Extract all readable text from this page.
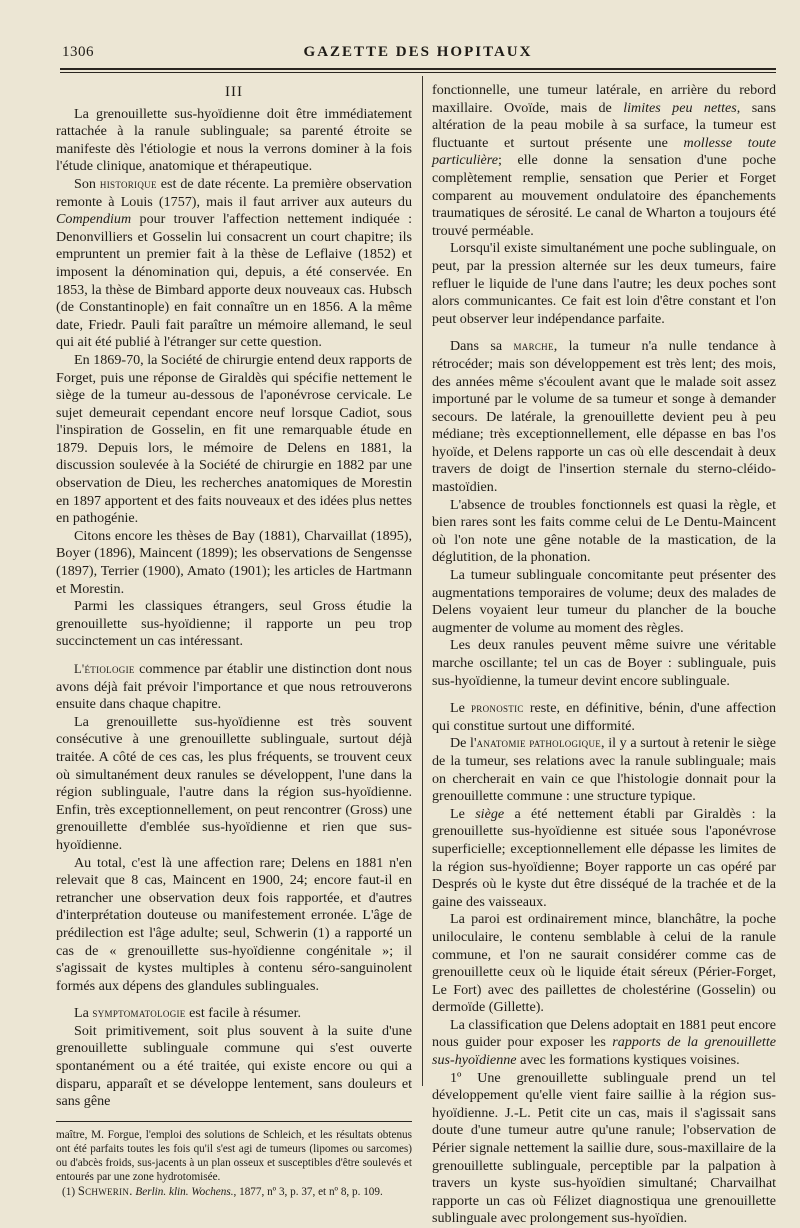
1306	GAZETTE DES HOPITAUX
III

La grenouillette sus-hyoïdienne doit être immédiatement rattachée à la ranule sublinguale; sa parenté étroite se manifeste dès l'étiologie et nous la verrons dominer à la fois l'étude clinique, anatomique et thérapeutique.

Son historique est de date récente. La première observation remonte à Louis (1757), mais il faut arriver aux auteurs du Compendium pour trouver l'affection nettement indiquée : Denonvilliers et Gosselin lui consacrent un court chapitre; ils empruntent un premier fait à la thèse de Leflaive (1852) et imposent la dénomination qui, depuis, a été conservée. En 1853, la thèse de Bimbard apporte deux nouveaux cas. Hubsch (de Constantinople) en fait connaître un en 1856. A la même date, Friedr. Pauli fait paraître un mémoire allemand, le seul qui ait été publié à l'étranger sur cette question.

En 1869-70, la Société de chirurgie entend deux rapports de Forget, puis une réponse de Giraldès qui spécifie nettement le siège de la tumeur au-dessous de l'aponévrose cervicale. Le sujet demeurait cependant encore neuf lorsque Cadiot, sous l'inspiration de Gosselin, en fit une remarquable étude en 1879. Depuis lors, le mémoire de Delens en 1881, la discussion soulevée à la Société de chirurgie en 1882 par une observation de Dieu, les recherches anatomiques de Morestin en 1897 apportent et des faits nouveaux et des idées plus nettes en pathogénie.

Citons encore les thèses de Bay (1881), Charvaillat (1895), Boyer (1896), Maincent (1899); les observations de Sengensse (1897), Terrier (1900), Amato (1901); les articles de Hartmann et Morestin.

Parmi les classiques étrangers, seul Gross étudie la grenouillette sus-hyoïdienne; il rapporte un peu trop succinctement un cas intéressant.

L'étiologie commence par établir une distinction dont nous avons déjà fait prévoir l'importance et que nous retrouverons ensuite dans chaque chapitre.

La grenouillette sus-hyoïdienne est très souvent consécutive à une grenouillette sublinguale, surtout déjà traitée. A côté de ces cas, les plus fréquents, se trouvent ceux où simultanément deux ranules se développent, l'une dans la région sublinguale, l'autre dans la région sus-hyoïdienne. Enfin, très exceptionnellement, on peut rencontrer (Gross) une grenouillette d'emblée sus-hyoïdienne et rien que sus-hyoïdienne.

Au total, c'est là une affection rare; Delens en 1881 n'en relevait que 8 cas, Maincent en 1900, 24; encore faut-il en retrancher une observation deux fois rapportée, et d'autres d'interprétation douteuse ou manifestement erronée. L'âge de prédilection est l'âge adulte; seul, Schwerin (1) a rapporté un cas de « grenouillette sus-hyoïdienne congénitale »; il s'agissait de kystes multiples à contenu séro-sanguinolent formés aux dépens des glandules sublinguales.

La symptomatologie est facile à résumer.

Soit primitivement, soit plus souvent à la suite d'une grenouillette sublinguale commune qui s'est ouverte spontanément ou a été traitée, qui existe encore ou qui a disparu, apparaît et se développe lentement, sans douleurs et sans gêne

maître, M. Forgue, l'emploi des solutions de Schleich, et les résultats obtenus ont été parfaits toutes les fois qu'il s'est agi de tumeurs (lipomes ou sarcomes) ou d'abcès froids, sus-jacents à un plan osseux et susceptibles d'être soulevés et entourés par une zone hydrotomisée.

(1) Schwerin. Berlin. klin. Wochens., 1877, nº 3, p. 37, et nº 8, p. 109.

fonctionnelle, une tumeur latérale, en arrière du rebord maxillaire. Ovoïde, mais de limites peu nettes, sans altération de la peau mobile à sa surface, la tumeur est fluctuante et surtout présente une mollesse toute particulière; elle donne la sensation d'une poche complètement remplie, sensation que Perier et Forget comparent au mouvement ondulatoire des épanchements traumatiques de sérosité. Le canal de Wharton a toujours été trouvé perméable.

Lorsqu'il existe simultanément une poche sublinguale, on peut, par la pression alternée sur les deux tumeurs, faire refluer le liquide de l'une dans l'autre; les deux poches sont alors communicantes. Ce fait est loin d'être constant et l'on peut observer leur indépendance parfaite.

Dans sa marche, la tumeur n'a nulle tendance à rétrocéder; mais son développement est très lent; des mois, des années même s'écoulent avant que le malade soit assez importuné par le volume de sa tumeur et songe à demander secours. De latérale, la grenouillette devient peu à peu médiane; très exceptionnellement, elle dépasse en bas l'os hyoïde, et Delens rapporte un cas où elle descendait à deux travers de doigt de l'insertion sternale du sterno-cléido-mastoïdien.

L'absence de troubles fonctionnels est quasi la règle, et bien rares sont les faits comme celui de Le Dentu-Maincent où l'on note une gêne notable de la mastication, de la déglutition, de la phonation.

La tumeur sublinguale concomitante peut présenter des augmentations temporaires de volume; deux des malades de Delens voyaient leur tumeur du plancher de la bouche augmenter de volume au moment des règles.

Les deux ranules peuvent même suivre une véritable marche oscillante; tel un cas de Boyer : sublinguale, puis sus-hyoïdienne, la tumeur devint encore sublinguale.

Le pronostic reste, en définitive, bénin, d'une affection qui constitue surtout une difformité.

De l'anatomie pathologique, il y a surtout à retenir le siège de la tumeur, ses relations avec la ranule sublinguale; mais on chercherait en vain ce que l'histologie donnait pour la grenouillette commune : une structure typique.

Le siège a été nettement établi par Giraldès : la grenouillette sus-hyoïdienne est située sous l'aponévrose superficielle; exceptionnellement elle dépasse les limites de la région sus-hyoïdienne; Boyer rapporte un cas opéré par Després où le kyste dut être disséqué de la trachée et de la gaine des vaisseaux.

La paroi est ordinairement mince, blanchâtre, la poche uniloculaire, le contenu semblable à celui de la ranule commune, et l'on ne saurait considérer comme cas de grenouillette ceux où le liquide était séreux (Périer-Forget, Le Fort) avec des paillettes de cholestérine (Gosselin) ou dermoïde (Gillette).

La classification que Delens adoptait en 1881 peut encore nous guider pour exposer les rapports de la grenouillette sus-hyoïdienne avec les formations kystiques voisines.

1º Une grenouillette sublinguale prend un tel développement qu'elle vient faire saillie à la région sus-hyoïdienne. J.-L. Petit cite un cas, mais il s'agissait sans doute d'une tumeur autre qu'une ranule; l'observation de Périer signale nettement la saillie dure, sous-maxillaire de la grenouillette sublinguale, perceptible par la palpation à travers un kyste sus-hyoïdien simultané; Charvailhat rapporte un cas où Félizet diagnostiqua une grenouillette sublinguale avec prolongement sus-hyoïdien.
